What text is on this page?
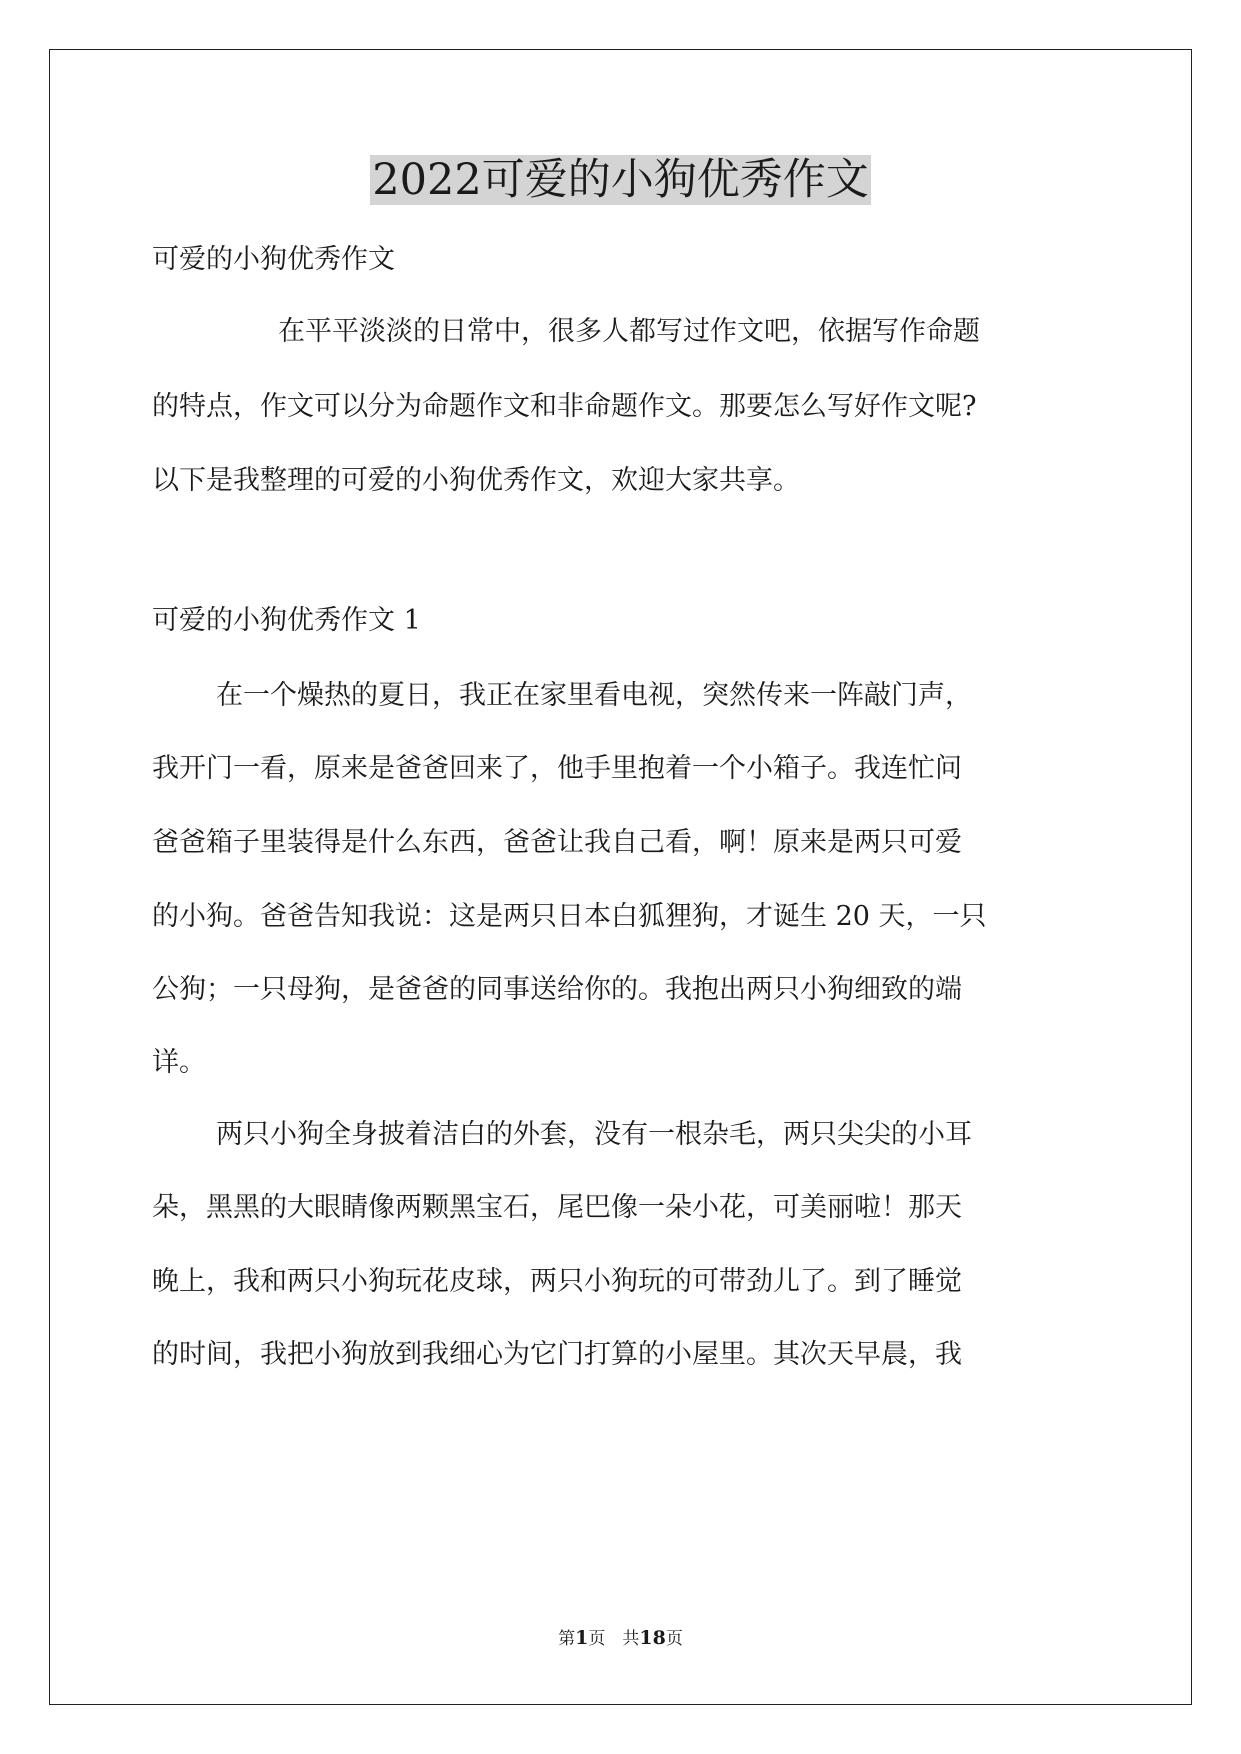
2022可爱的小狗优秀作文

可爱的小狗优秀作文

在平平淡淡的日常中，很多人都写过作文吧，依据写作命题

的特点，作文可以分为命题作文和非命题作文。那要怎么写好作文呢?

以下是我整理的可爱的小狗优秀作文，欢迎大家共享。

可爱的小狗优秀作文 1

在一个燥热的夏日，我正在家里看电视，突然传来一阵敲门声，

我开门一看，原来是爸爸回来了，他手里抱着一个小箱子。我连忙问

爸爸箱子里装得是什么东西，爸爸让我自己看，啊！原来是两只可爱

的小狗。爸爸告知我说：这是两只日本白狐狸狗，才诞生 20 天，一只

公狗；一只母狗，是爸爸的同事送给你的。我抱出两只小狗细致的端

详。

两只小狗全身披着洁白的外套，没有一根杂毛，两只尖尖的小耳

朵，黑黑的大眼睛像两颗黑宝石，尾巴像一朵小花，可美丽啦！那天

晚上，我和两只小狗玩花皮球，两只小狗玩的可带劲儿了。到了睡觉

的时间，我把小狗放到我细心为它门打算的小屋里。其次天早晨，我

第1页　共18页
